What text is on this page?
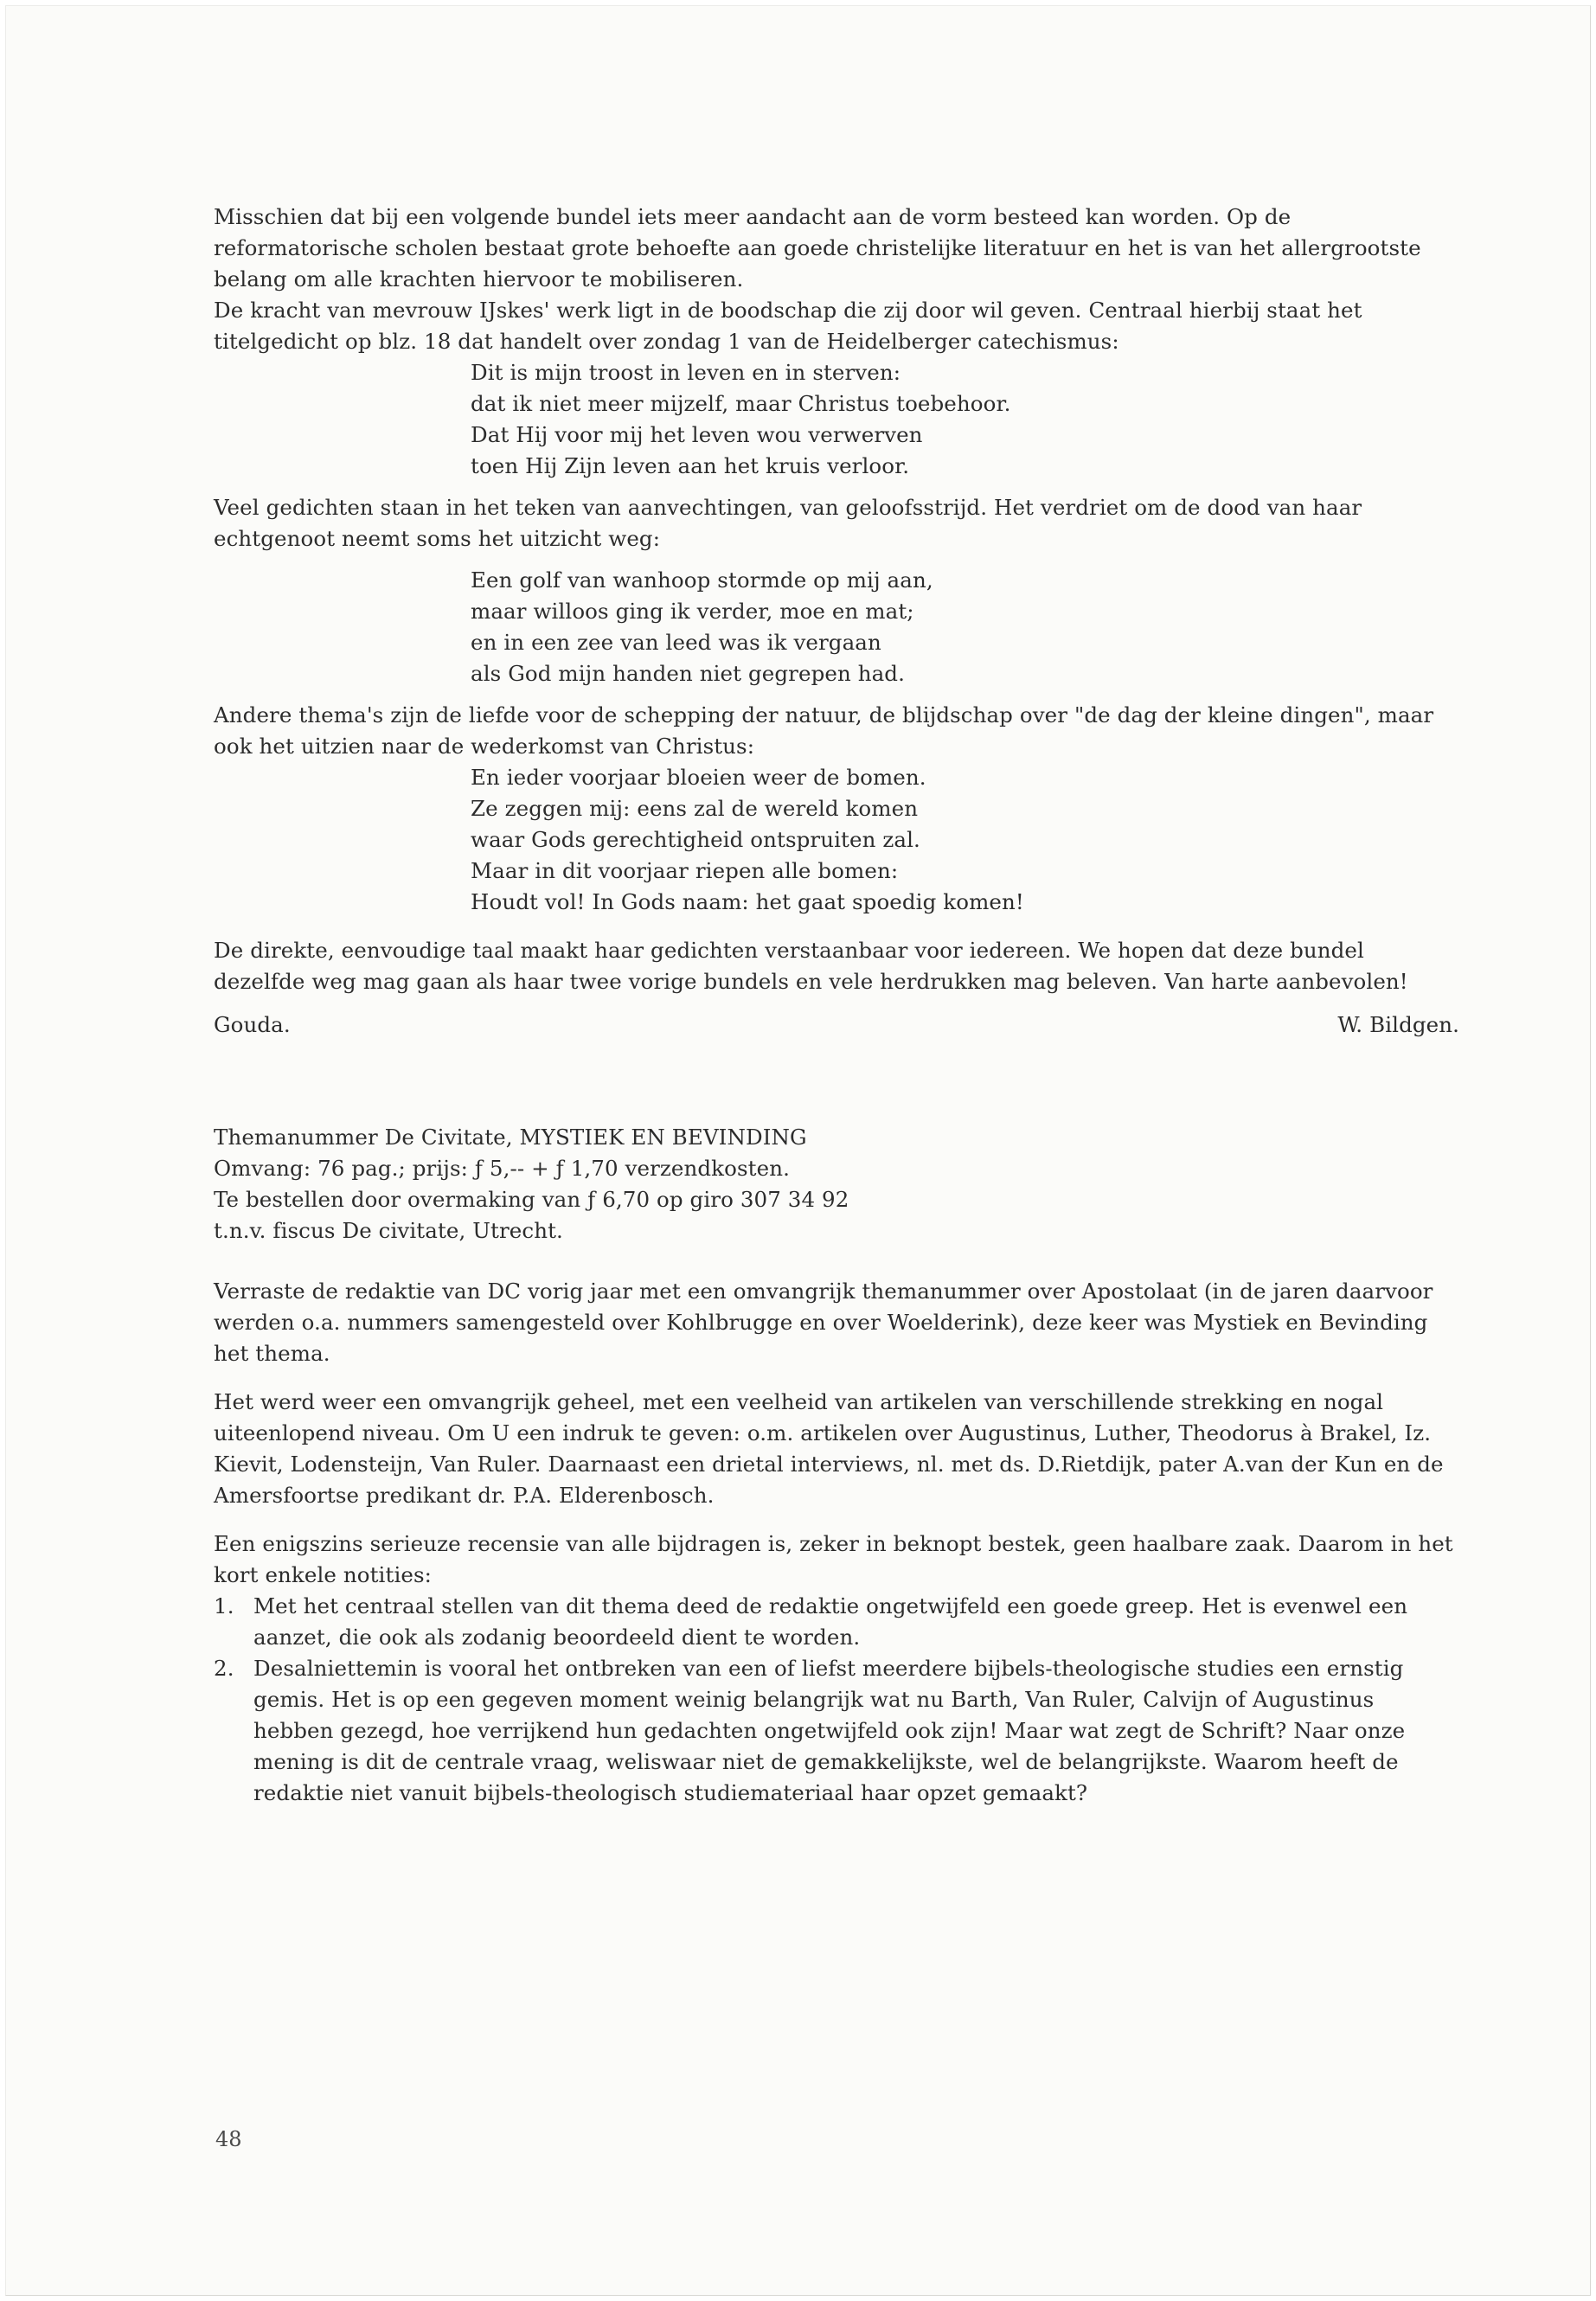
Misschien dat bij een volgende bundel iets meer aandacht aan de vorm besteed kan worden. Op de reformatorische scholen bestaat grote behoefte aan goede christelijke literatuur en het is van het allergrootste belang om alle krachten hiervoor te mobiliseren.

De kracht van mevrouw IJskes' werk ligt in de boodschap die zij door wil geven. Centraal hierbij staat het titelgedicht op blz. 18 dat handelt over zondag 1 van de Heidelberger catechismus:

Dit is mijn troost in leven en in sterven:
dat ik niet meer mijzelf, maar Christus toebehoor.
Dat Hij voor mij het leven wou verwerven
toen Hij Zijn leven aan het kruis verloor.

Veel gedichten staan in het teken van aanvechtingen, van geloofsstrijd. Het verdriet om de dood van haar echtgenoot neemt soms het uitzicht weg:

Een golf van wanhoop stormde op mij aan,
maar willoos ging ik verder, moe en mat;
en in een zee van leed was ik vergaan
als God mijn handen niet gegrepen had.

Andere thema's zijn de liefde voor de schepping der natuur, de blijdschap over "de dag der kleine dingen", maar ook het uitzien naar de wederkomst van Christus:

En ieder voorjaar bloeien weer de bomen.
Ze zeggen mij: eens zal de wereld komen
waar Gods gerechtigheid ontspruiten zal.
Maar in dit voorjaar riepen alle bomen:
Houdt vol! In Gods naam: het gaat spoedig komen!

De direkte, eenvoudige taal maakt haar gedichten verstaanbaar voor iedereen. We hopen dat deze bundel dezelfde weg mag gaan als haar twee vorige bundels en vele herdrukken mag beleven. Van harte aanbevolen!

Gouda.	W. Bildgen.
Themanummer De Civitate, MYSTIEK EN BEVINDING
Omvang: 76 pag.; prijs: ƒ 5,-- + ƒ 1,70 verzendkosten.
Te bestellen door overmaking van ƒ 6,70 op giro 307 34 92
t.n.v. fiscus De civitate, Utrecht.

Verraste de redaktie van DC vorig jaar met een omvangrijk themanummer over Apostolaat (in de jaren daarvoor werden o.a. nummers samengesteld over Kohlbrugge en over Woelderink), deze keer was Mystiek en Bevinding het thema.

Het werd weer een omvangrijk geheel, met een veelheid van artikelen van verschillende strekking en nogal uiteenlopend niveau. Om U een indruk te geven: o.m. artikelen over Augustinus, Luther, Theodorus à Brakel, Iz. Kievit, Lodensteijn, Van Ruler. Daarnaast een drietal interviews, nl. met ds. D.Rietdijk, pater A.van der Kun en de Amersfoortse predikant dr. P.A. Elderenbosch.

Een enigszins serieuze recensie van alle bijdragen is, zeker in beknopt bestek, geen haalbare zaak. Daarom in het kort enkele notities:

1. Met het centraal stellen van dit thema deed de redaktie ongetwijfeld een goede greep. Het is evenwel een aanzet, die ook als zodanig beoordeeld dient te worden.
2. Desalniettemin is vooral het ontbreken van een of liefst meerdere bijbels-theologische studies een ernstig gemis. Het is op een gegeven moment weinig belangrijk wat nu Barth, Van Ruler, Calvijn of Augustinus hebben gezegd, hoe verrijkend hun gedachten ongetwijfeld ook zijn! Maar wat zegt de Schrift? Naar onze mening is dit de centrale vraag, weliswaar niet de gemakkelijkste, wel de belangrijkste. Waarom heeft de redaktie niet vanuit bijbels-theologisch studiemateriaal haar opzet gemaakt?
48
